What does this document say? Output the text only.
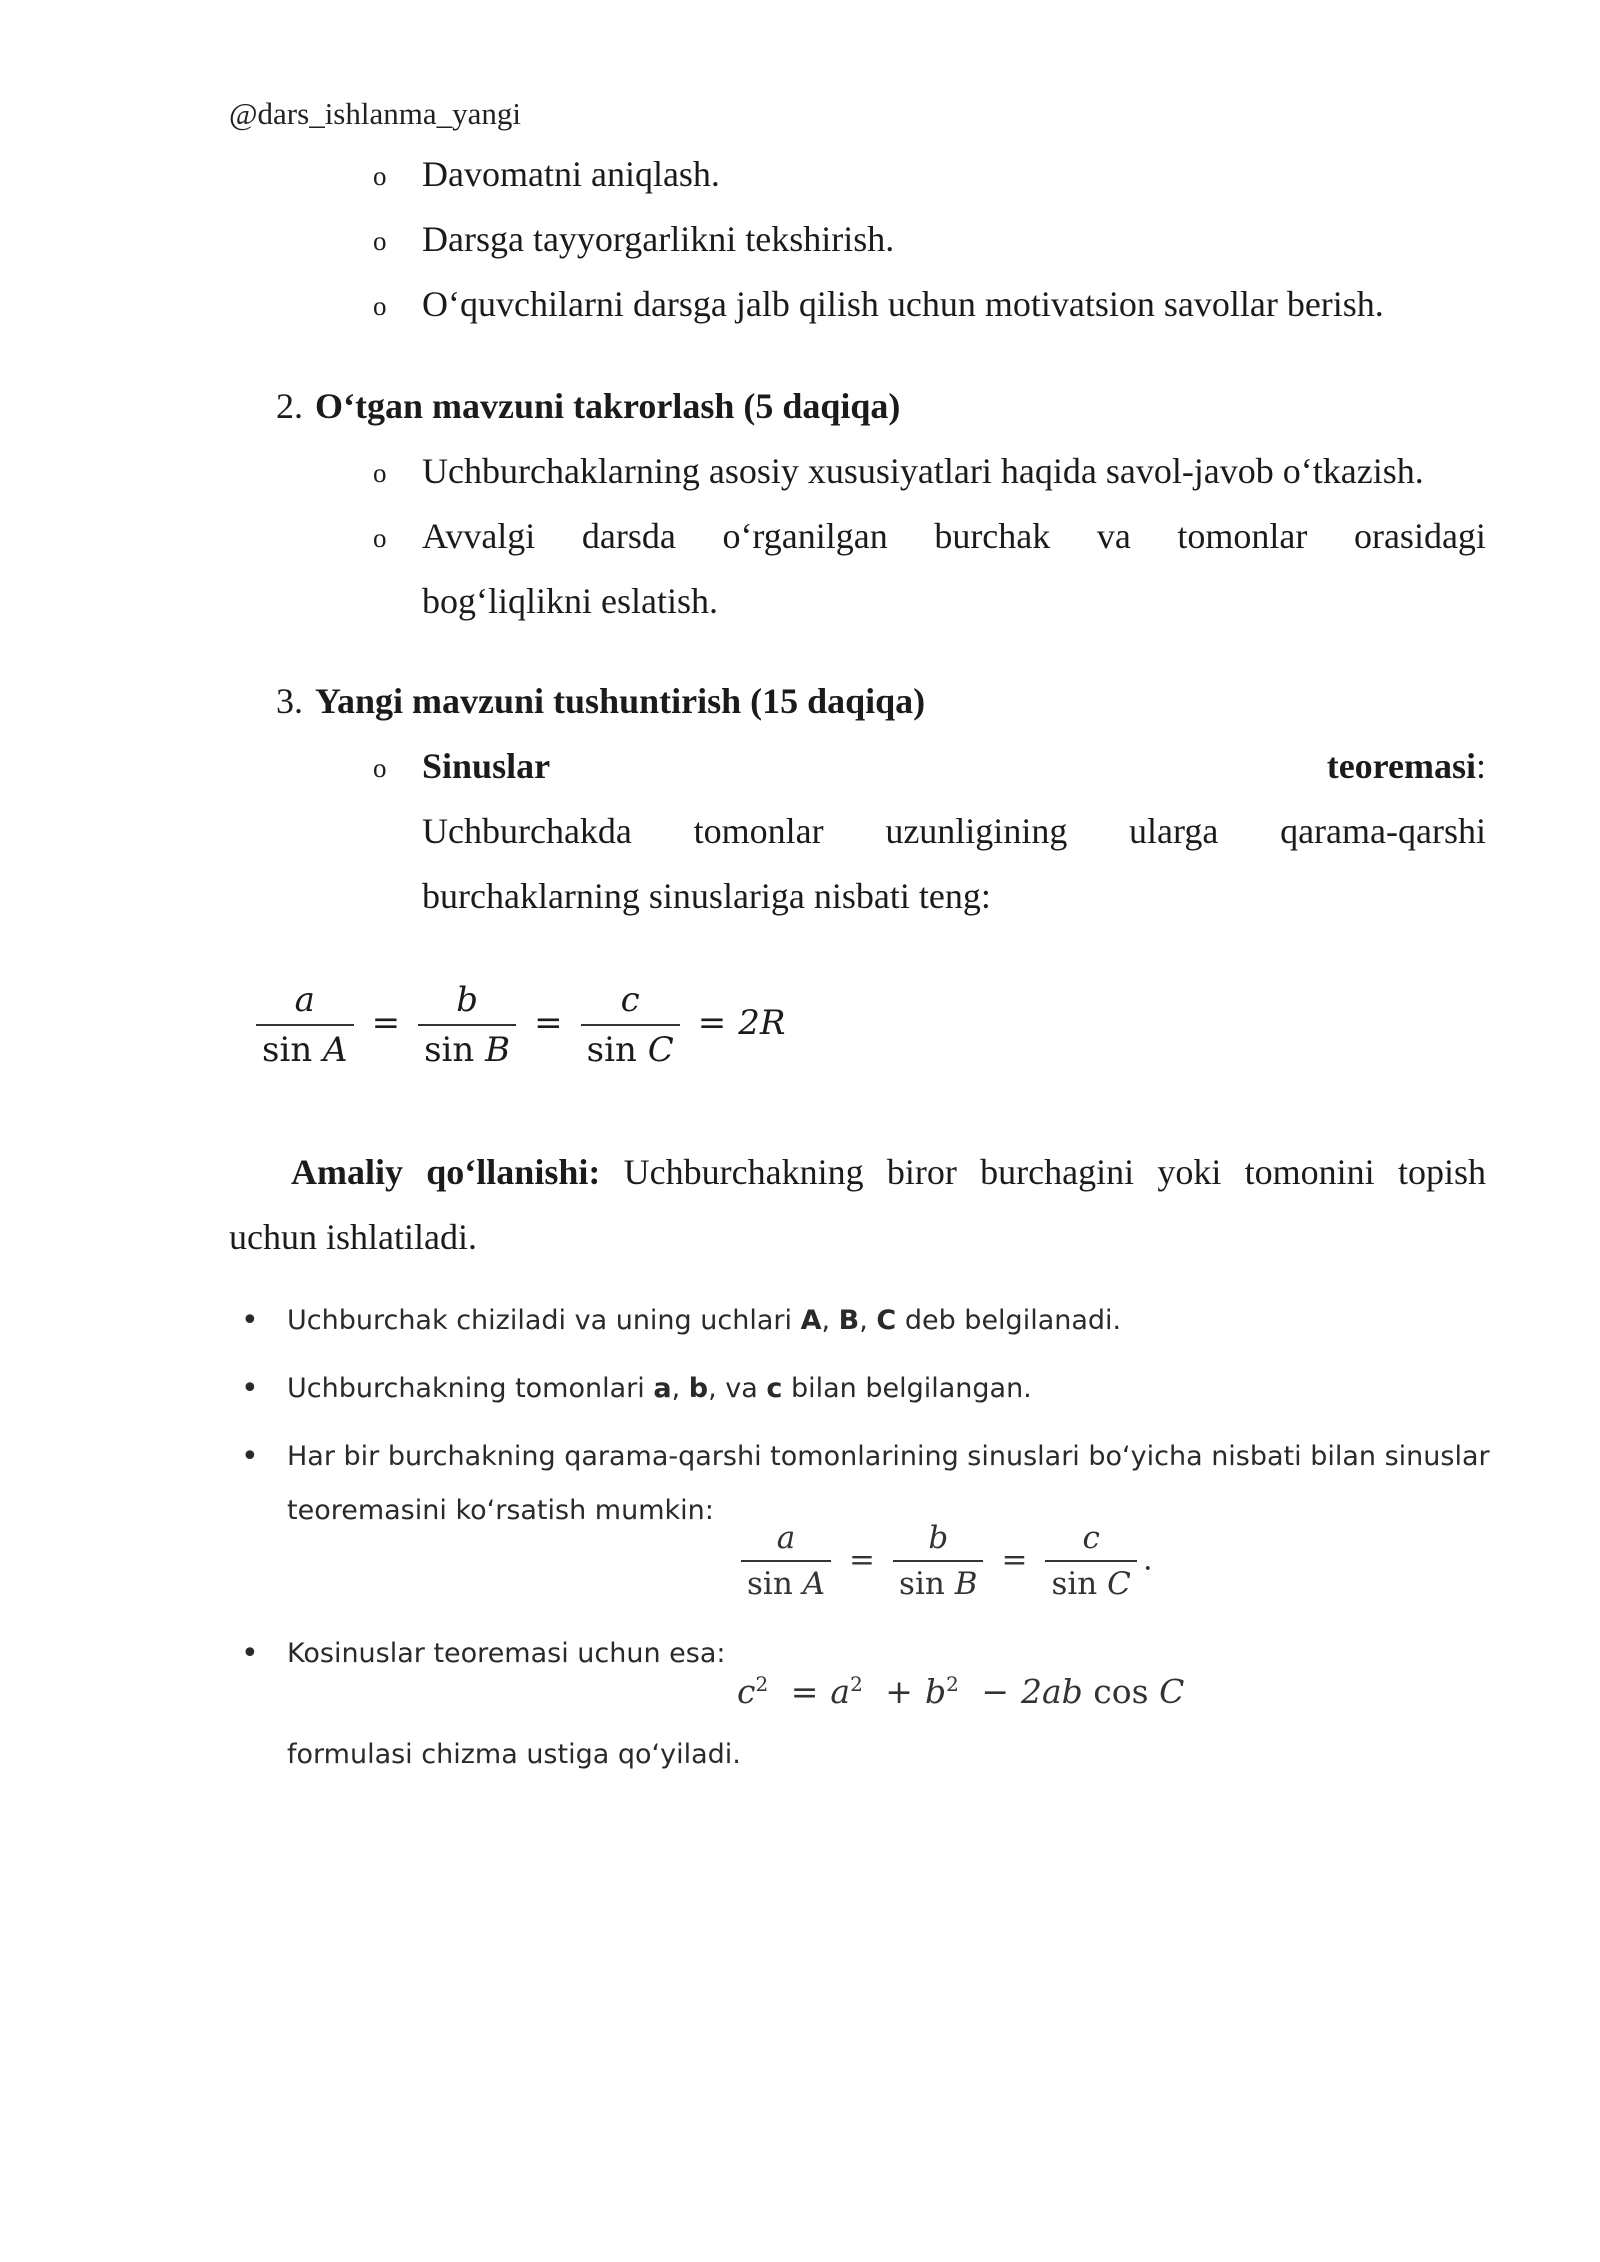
@dars_ishlanma_yangi
o Davomatni aniqlash.
o Darsga tayyorgarlikni tekshirish.
o O‘quvchilarni darsga jalb qilish uchun motivatsion savollar berish.
2. O‘tgan mavzuni takrorlash (5 daqiqa)
o Uchburchaklarning asosiy xususiyatlari haqida savol-javob o‘tkazish.
o Avvalgi darsda o‘rganilgan burchak va tomonlar orasidagi
bog‘liqlikni eslatish.
3. Yangi mavzuni tushuntirish (15 daqiqa)
o Sinuslar	teoremasi:
Uchburchakda tomonlar uzunligining ularga qarama-qarshi
burchaklarning sinuslariga nisbati teng:
$\frac{a}{\text{sin A}} = \frac{b}{\text{sin B}} = \frac{c}{\text{sin C}} = 2R$
Amaliy qo‘llanishi: Uchburchakning biror burchagini yoki tomonini topish
uchun ishlatiladi.
• Uchburchak chiziladi va uning uchlari A, B, C deb belgilanadi.
• Uchburchakning tomonlari a, b, va c bilan belgilangan.
• Har bir burchakning qarama-qarshi tomonlarining sinuslari bo‘yicha nisbati bilan sinuslar
teoremasini ko‘rsatish mumkin:
$\frac{a}{\text{sin A}} = \frac{b}{\text{sin B}} = \frac{c}{\text{sin C}}$ .
• Kosinuslar teoremasi uchun esa:
$c^2 = a^2 + b^2 - 2ab$ cos C
formulasi chizma ustiga qo‘yiladi.
